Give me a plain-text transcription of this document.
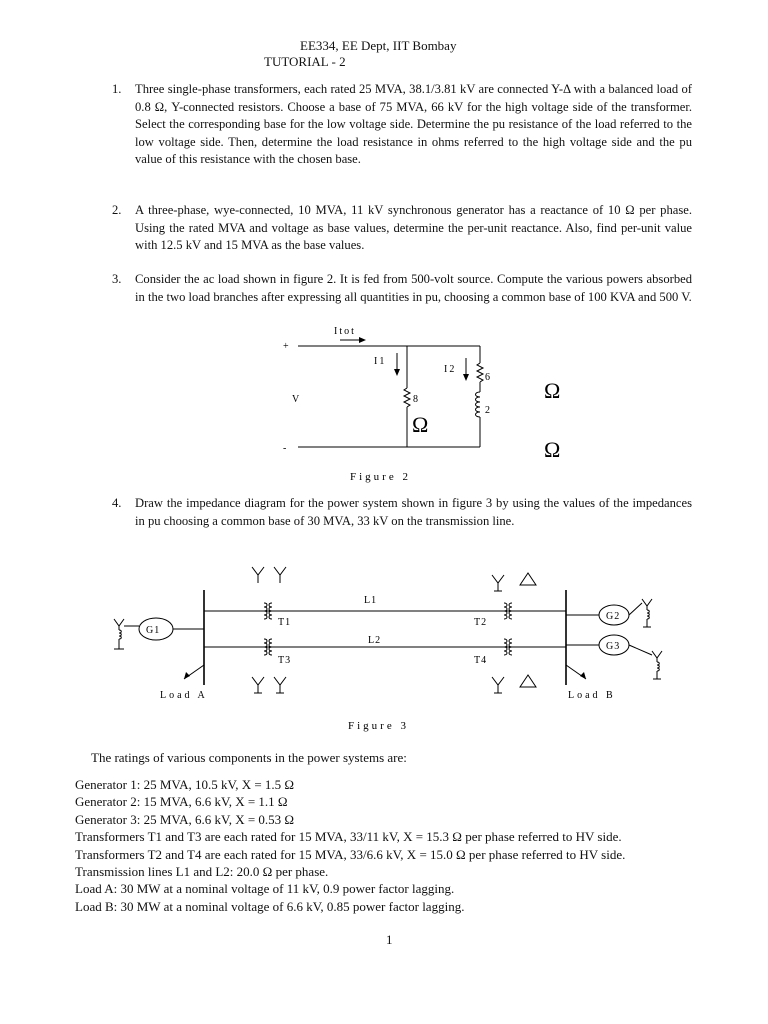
EE334, EE Dept, IIT Bombay
TUTORIAL - 2
1. Three single-phase transformers, each rated 25 MVA, 38.1/3.81 kV are connected Y-Δ with a balanced load of 0.8 Ω, Y-connected resistors. Choose a base of 75 MVA, 66 kV for the high voltage side of the transformer. Select the corresponding base for the low voltage side. Determine the pu resistance of the load referred to the low voltage side. Then, determine the load resistance in ohms referred to the high voltage side and the pu value of this resistance with the chosen base.
2. A three-phase, wye-connected, 10 MVA, 11 kV synchronous generator has a reactance of 10 Ω per phase. Using the rated MVA and voltage as base values, determine the per-unit reactance. Also, find per-unit value with 12.5 kV and 15 MVA as the base values.
3. Consider the ac load shown in figure 2. It is fed from 500-volt source. Compute the various powers absorbed in the two load branches after expressing all quantities in pu, choosing a common base of 100 KVA and 500 V.
+
-
V
Itot
I1
I2
8
6
2
Ω
Ω
Ω
Figure 2
4. Draw the impedance diagram for the power system shown in figure 3 by using the values of the impedances in pu choosing a common base of 30 MVA, 33 kV on the transmission line.
G1
G2
G3
T1	T2
T3	T4
L1
L2
Load A	Load B
Figure 3
The ratings of various components in the power systems are:
Generator 1: 25 MVA, 10.5 kV, X = 1.5 Ω
Generator 2: 15 MVA, 6.6 kV, X = 1.1 Ω
Generator 3: 25 MVA, 6.6 kV, X = 0.53 Ω
Transformers T1 and T3 are each rated for 15 MVA, 33/11 kV, X = 15.3 Ω per phase referred to HV side.
Transformers T2 and T4 are each rated for 15 MVA, 33/6.6 kV, X = 15.0 Ω per phase referred to HV side.
Transmission lines L1 and L2: 20.0 Ω per phase.
Load A: 30 MW at a nominal voltage of 11 kV, 0.9 power factor lagging.
Load B: 30 MW at a nominal voltage of 6.6 kV, 0.85 power factor lagging.
1
